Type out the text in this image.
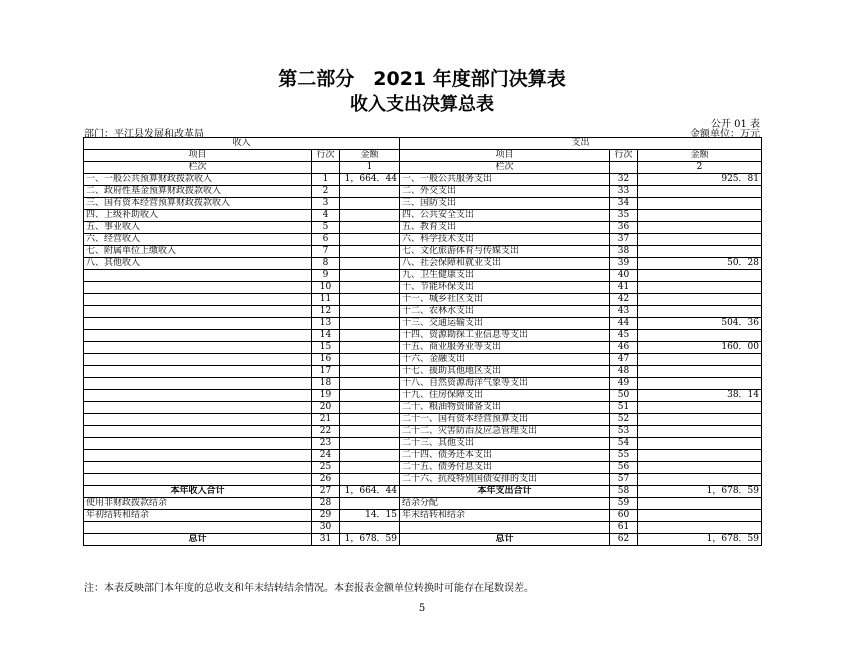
第二部分　2021 年度部门决算表
收入支出决算总表
公开 01 表
部门：平江县发展和改革局	金额单位：万元
收入			支出		
项目	行次	金额	项目	行次	金额
栏次		1	栏次		2
一、一般公共预算财政拨款收入	1	1，664．44	一、一般公共服务支出	32	925．81
二、政府性基金预算财政拨款收入	2		二、外交支出	33	
三、国有资本经营预算财政拨款收入	3		三、国防支出	34	
四、上级补助收入	4		四、公共安全支出	35	
五、事业收入	5		五、教育支出	36	
六、经营收入	6		六、科学技术支出	37	
七、附属单位上缴收入	7		七、文化旅游体育与传媒支出	38	
八、其他收入	8		八、社会保障和就业支出	39	50．28
	9		九、卫生健康支出	40	
	10		十、节能环保支出	41	
	11		十一、城乡社区支出	42	
	12		十二、农林水支出	43	
	13		十三、交通运输支出	44	504．36
	14		十四、资源勘探工业信息等支出	45	
	15		十五、商业服务业等支出	46	160．00
	16		十六、金融支出	47	
	17		十七、援助其他地区支出	48	
	18		十八、自然资源海洋气象等支出	49	
	19		十九、住房保障支出	50	38．14
	20		二十、粮油物资储备支出	51	
	21		二十一、国有资本经营预算支出	52	
	22		二十二、灾害防治及应急管理支出	53	
	23		二十三、其他支出	54	
	24		二十四、债务还本支出	55	
	25		二十五、债务付息支出	56	
	26		二十六、抗疫特别国债安排的支出	57	
本年收入合计	27	1，664．44	本年支出合计	58	1，678．59
使用非财政拨款结余	28		结余分配	59	
年初结转和结余	29	14．15	年末结转和结余	60	
	30			61	
总计	31	1，678．59	总计	62	1，678．59
注：本表反映部门本年度的总收支和年末结转结余情况。本套报表金额单位转换时可能存在尾数误差。
5
